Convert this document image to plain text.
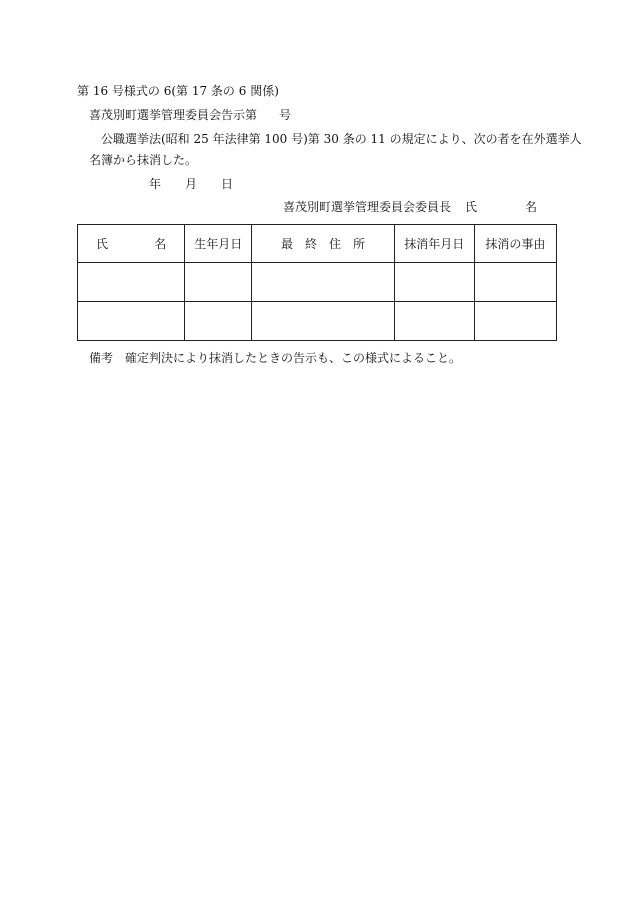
第 16 号様式の 6(第 17 条の 6 関係)
喜茂別町選挙管理委員会告示第 号
公職選挙法(昭和 25 年法律第 100 号)第 30 条の 11 の規定により、次の者を在外選挙人
名簿から抹消した。
年 月 日
喜茂別町選挙管理委員会委員長 氏	名
氏 名	生年月日	最　終　住　所	抹消年月日	抹消の事由

備考 確定判決により抹消したときの告示も、この様式によること。
